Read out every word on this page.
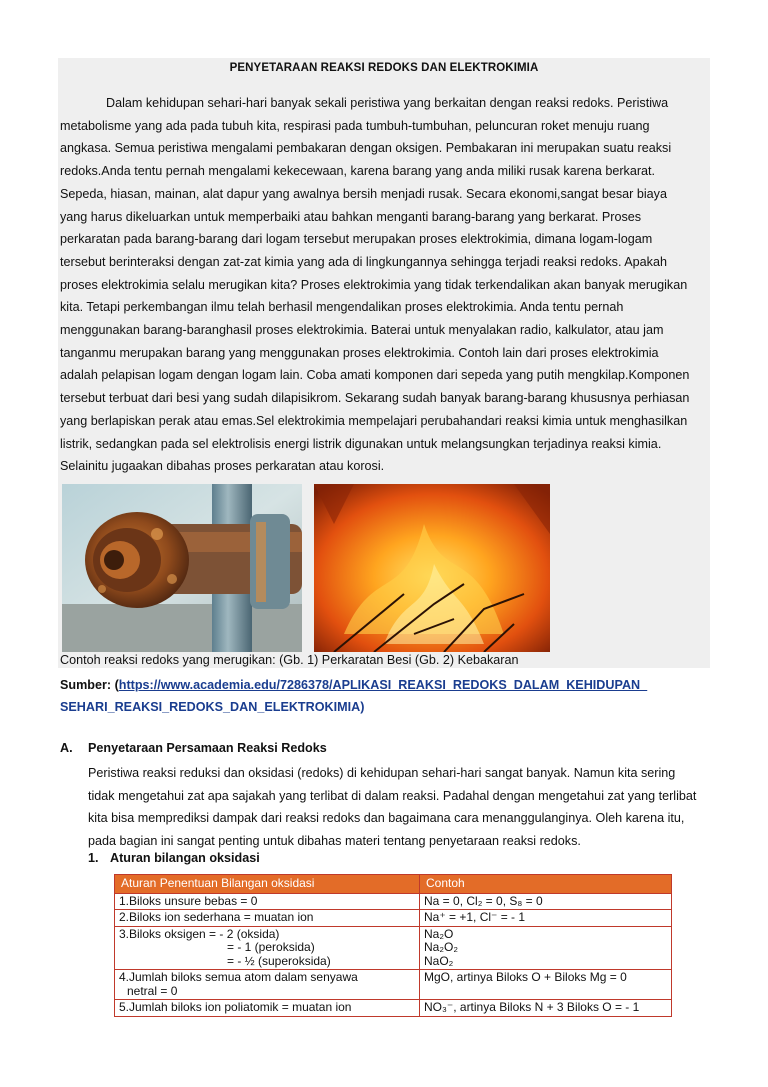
PENYETARAAN REAKSI REDOKS DAN ELEKTROKIMIA
Dalam kehidupan sehari-hari banyak sekali peristiwa yang berkaitan dengan reaksi redoks. Peristiwa
metabolisme yang ada pada tubuh kita, respirasi pada tumbuh-tumbuhan, peluncuran roket menuju ruang
angkasa. Semua peristiwa mengalami pembakaran dengan oksigen. Pembakaran ini merupakan suatu reaksi
redoks.Anda tentu pernah mengalami kekecewaan, karena barang yang anda miliki rusak karena berkarat.
Sepeda, hiasan, mainan, alat dapur yang awalnya bersih menjadi rusak. Secara ekonomi,sangat besar biaya
yang harus dikeluarkan untuk memperbaiki atau bahkan menganti barang-barang yang berkarat. Proses
perkaratan pada barang-barang dari logam tersebut merupakan proses elektrokimia, dimana logam-logam
tersebut berinteraksi dengan zat-zat kimia yang ada di lingkungannya sehingga terjadi reaksi redoks. Apakah
proses elektrokimia selalu merugikan kita? Proses elektrokimia yang tidak terkendalikan akan banyak merugikan
kita. Tetapi perkembangan ilmu telah berhasil mengendalikan proses elektrokimia. Anda tentu pernah
menggunakan barang-baranghasil proses elektrokimia. Baterai untuk menyalakan radio, kalkulator, atau jam
tanganmu merupakan barang yang menggunakan proses elektrokimia. Contoh lain dari proses elektrokimia
adalah pelapisan logam dengan logam lain. Coba amati komponen dari sepeda yang putih mengkilap.Komponen
tersebut terbuat dari besi yang sudah dilapisikrom. Sekarang sudah banyak barang-barang khususnya perhiasan
yang berlapiskan perak atau emas.Sel elektrokimia mempelajari perubahandari reaksi kimia untuk menghasilkan
listrik, sedangkan pada sel elektrolisis energi listrik digunakan untuk melangsungkan terjadinya reaksi kimia.
Selainitu jugaakan dibahas proses perkaratan atau korosi.
Contoh reaksi redoks yang merugikan: (Gb. 1) Perkaratan Besi (Gb. 2) Kebakaran
Sumber: (https://www.academia.edu/7286378/APLIKASI_REAKSI_REDOKS_DALAM_KEHIDUPAN_
SEHARI_REAKSI_REDOKS_DAN_ELEKTROKIMIA)
A. Penyetaraan Persamaan Reaksi Redoks
Peristiwa reaksi reduksi dan oksidasi (redoks) di kehidupan sehari-hari sangat banyak. Namun kita sering
tidak mengetahui zat apa sajakah yang terlibat di dalam reaksi. Padahal dengan mengetahui zat yang terlibat
kita bisa memprediksi dampak dari reaksi redoks dan bagaimana cara menanggulanginya. Oleh karena itu,
pada bagian ini sangat penting untuk dibahas materi tentang penyetaraan reaksi redoks.
1. Aturan bilangan oksidasi
Aturan Penentuan Bilangan oksidasi	Contoh

1.Biloks unsure bebas = 0	Na = 0, Cl₂ = 0, S₈ = 0

2.Biloks ion sederhana = muatan ion	Na⁺ = +1, Cl⁻ = - 1

3.Biloks oksigen = - 2 (oksida)
= - 1 (peroksida)
= - ½ (superoksida)	Na₂O
Na₂O₂
NaO₂

4.Jumlah biloks semua atom dalam senyawa
netral = 0	MgO, artinya Biloks O + Biloks Mg = 0

5.Jumlah biloks ion poliatomik = muatan ion	NO₃⁻, artinya Biloks N + 3 Biloks O = - 1
